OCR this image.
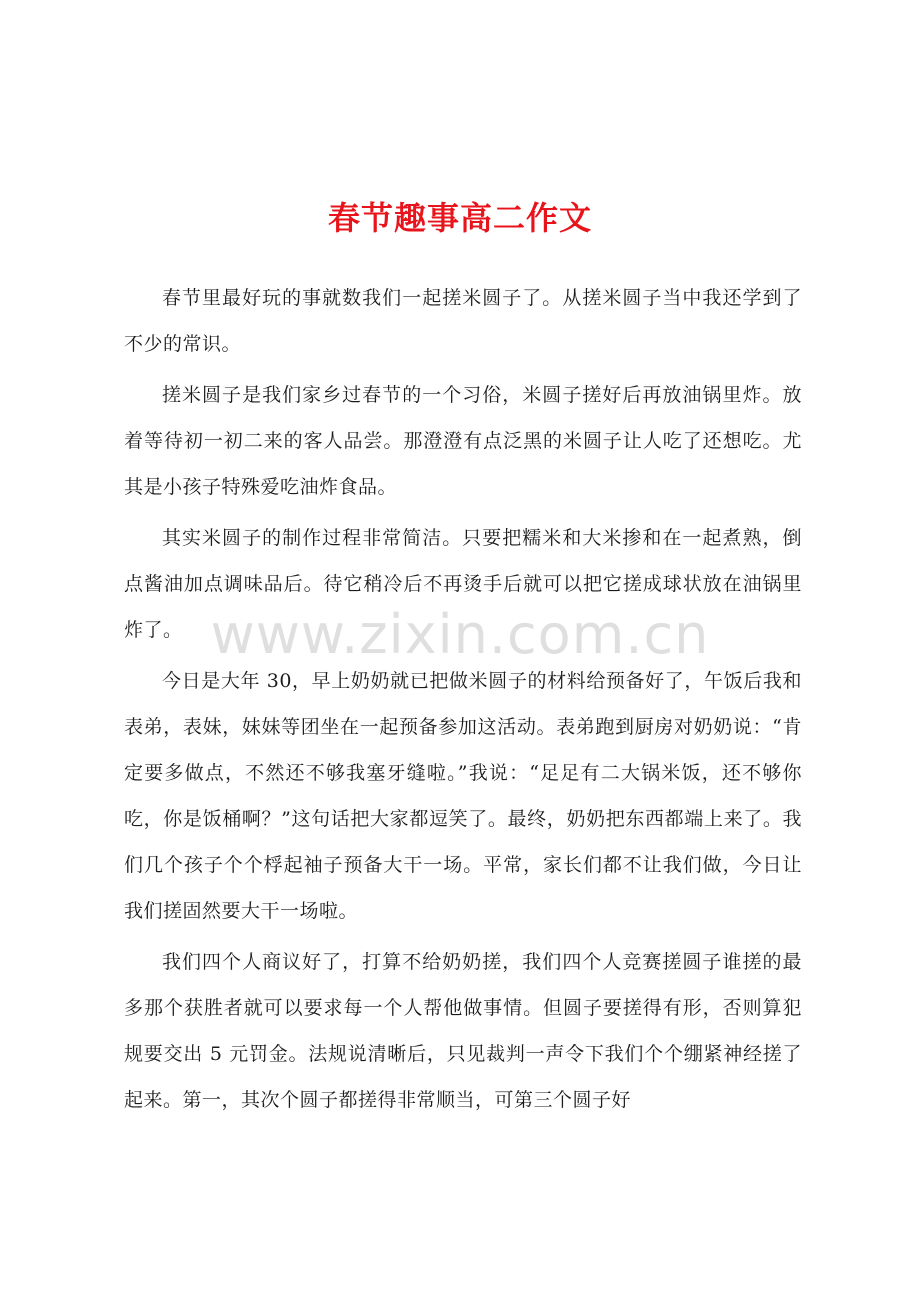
春节趣事高二作文

春节里最好玩的事就数我们一起搓米圆子了。从搓米圆子当中我还学到了不少的常识。

搓米圆子是我们家乡过春节的一个习俗，米圆子搓好后再放油锅里炸。放着等待初一初二来的客人品尝。那澄澄有点泛黑的米圆子让人吃了还想吃。尤其是小孩子特殊爱吃油炸食品。

其实米圆子的制作过程非常简洁。只要把糯米和大米掺和在一起煮熟，倒点酱油加点调味品后。待它稍冷后不再烫手后就可以把它搓成球状放在油锅里炸了。

今日是大年 30，早上奶奶就已把做米圆子的材料给预备好了，午饭后我和表弟，表妹，妹妹等团坐在一起预备参加这活动。表弟跑到厨房对奶奶说：“肯定要多做点，不然还不够我塞牙缝啦。”我说：“足足有二大锅米饭，还不够你吃，你是饭桶啊？”这句话把大家都逗笑了。最终，奶奶把东西都端上来了。我们几个孩子个个桴起袖子预备大干一场。平常，家长们都不让我们做，今日让我们搓固然要大干一场啦。

我们四个人商议好了，打算不给奶奶搓，我们四个人竞赛搓圆子谁搓的最多那个获胜者就可以要求每一个人帮他做事情。但圆子要搓得有形，否则算犯规要交出 5 元罚金。法规说清晰后，只见裁判一声令下我们个个绷紧神经搓了起来。第一，其次个圆子都搓得非常顺当，可第三个圆子好

www.zixin.com.cn
